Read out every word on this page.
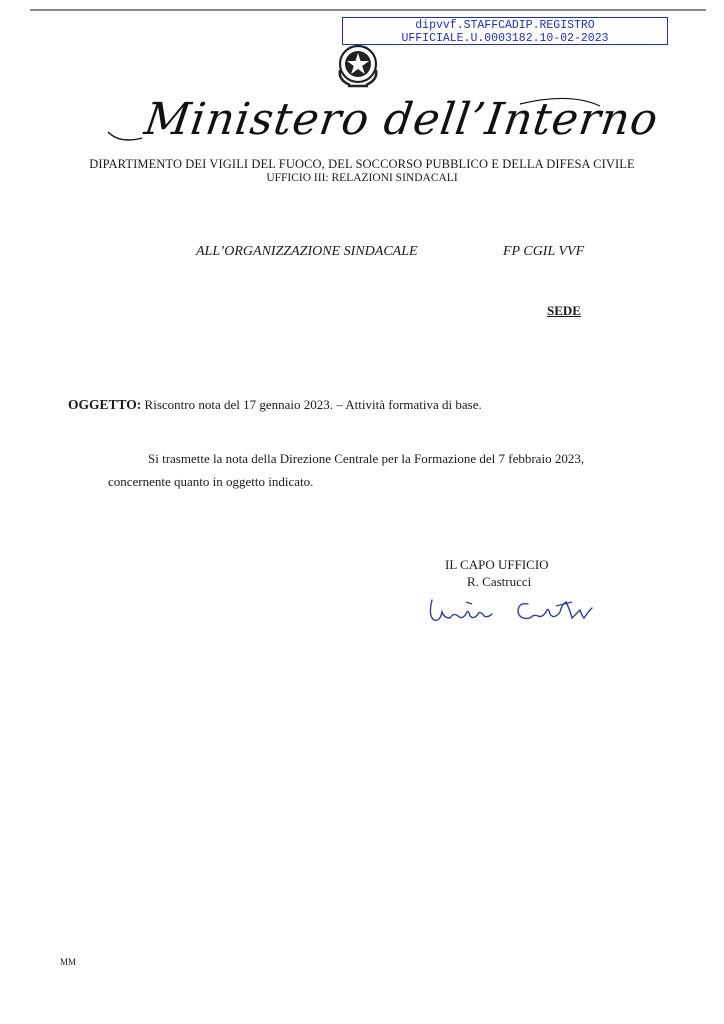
dipvvf.STAFFCADIP.REGISTRO
UFFICIALE.U.0003182.10-02-2023
Ministero dell’Interno
DIPARTIMENTO DEI VIGILI DEL FUOCO, DEL SOCCORSO PUBBLICO E DELLA DIFESA CIVILE
UFFICIO III: RELAZIONI SINDACALI
ALL’ORGANIZZAZIONE SINDACALE	FP CGIL VVF
SEDE
OGGETTO: Riscontro nota del 17 gennaio 2023. – Attività formativa di base.
Si trasmette la nota della Direzione Centrale per la Formazione del 7 febbraio 2023,
concernente quanto in oggetto indicato.
IL CAPO UFFICIO
R. Castrucci
MM
